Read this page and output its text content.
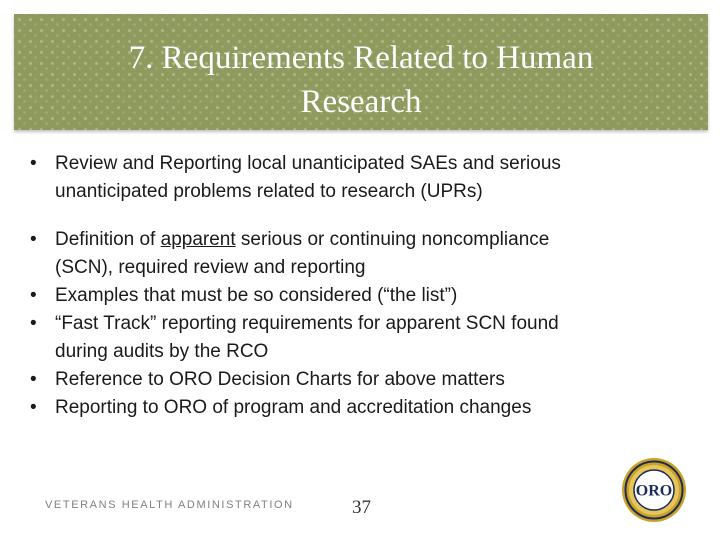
7. Requirements Related to Human
Research
• Review and Reporting local unanticipated SAEs and serious
unanticipated problems related to research (UPRs)
• Definition of apparent serious or continuing noncompliance
(SCN), required review and reporting
• Examples that must be so considered (“the list”)
• “Fast Track” reporting requirements for apparent SCN found
during audits by the RCO
• Reference to ORO Decision Charts for above matters
• Reporting to ORO of program and accreditation changes
VETERANS HEALTH ADMINISTRATION	37
ORO
